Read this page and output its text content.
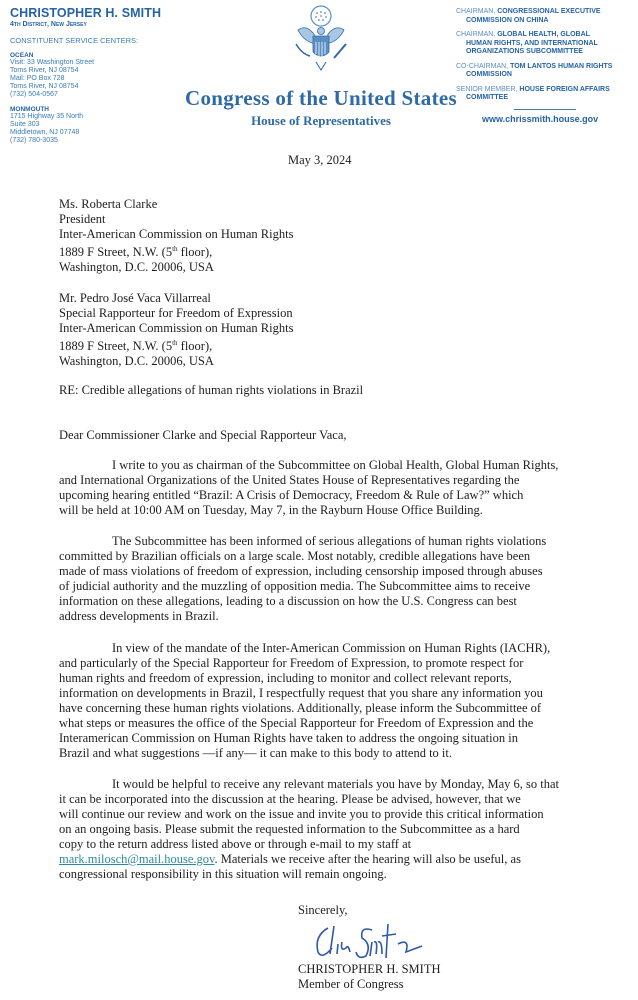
CHRISTOPHER H. SMITH
4th District, New Jersey
CONSTITUENT SERVICE CENTERS:
OCEAN
Visit: 33 Washington Street
Toms River, NJ 08754
Mail: PO Box 728
Toms River, NJ 08754
(732) 504-0567
MONMOUTH
1715 Highway 35 North
Suite 303
Middletown, NJ 07748
(732) 780-3035
Congress of the United States
House of Representatives
CHAIRMAN, CONGRESSIONAL EXECUTIVE
COMMISSION ON CHINA
CHAIRMAN, GLOBAL HEALTH, GLOBAL
HUMAN RIGHTS, AND INTERNATIONAL
ORGANIZATIONS SUBCOMMITTEE
CO-CHAIRMAN, TOM LANTOS HUMAN RIGHTS
COMMISSION
SENIOR MEMBER, HOUSE FOREIGN AFFAIRS
COMMITTEE
www.chrissmith.house.gov
May 3, 2024
Ms. Roberta Clarke
President
Inter-American Commission on Human Rights
1889 F Street, N.W. (5th floor),
Washington, D.C. 20006, USA
Mr. Pedro José Vaca Villarreal
Special Rapporteur for Freedom of Expression
Inter-American Commission on Human Rights
1889 F Street, N.W. (5th floor),
Washington, D.C. 20006, USA
RE: Credible allegations of human rights violations in Brazil
Dear Commissioner Clarke and Special Rapporteur Vaca,
I write to you as chairman of the Subcommittee on Global Health, Global Human Rights,
and International Organizations of the United States House of Representatives regarding the
upcoming hearing entitled “Brazil: A Crisis of Democracy, Freedom & Rule of Law?” which
will be held at 10:00 AM on Tuesday, May 7, in the Rayburn House Office Building.
The Subcommittee has been informed of serious allegations of human rights violations
committed by Brazilian officials on a large scale. Most notably, credible allegations have been
made of mass violations of freedom of expression, including censorship imposed through abuses
of judicial authority and the muzzling of opposition media. The Subcommittee aims to receive
information on these allegations, leading to a discussion on how the U.S. Congress can best
address developments in Brazil.
In view of the mandate of the Inter-American Commission on Human Rights (IACHR),
and particularly of the Special Rapporteur for Freedom of Expression, to promote respect for
human rights and freedom of expression, including to monitor and collect relevant reports,
information on developments in Brazil, I respectfully request that you share any information you
have concerning these human rights violations. Additionally, please inform the Subcommittee of
what steps or measures the office of the Special Rapporteur for Freedom of Expression and the
Interamerican Commission on Human Rights have taken to address the ongoing situation in
Brazil and what suggestions —if any— it can make to this body to attend to it.
It would be helpful to receive any relevant materials you have by Monday, May 6, so that
it can be incorporated into the discussion at the hearing. Please be advised, however, that we
will continue our review and work on the issue and invite you to provide this critical information
on an ongoing basis. Please submit the requested information to the Subcommittee as a hard
copy to the return address listed above or through e-mail to my staff at
mark.milosch@mail.house.gov. Materials we receive after the hearing will also be useful, as
congressional responsibility in this situation will remain ongoing.
Sincerely,
CHRISTOPHER H. SMITH
Member of Congress
